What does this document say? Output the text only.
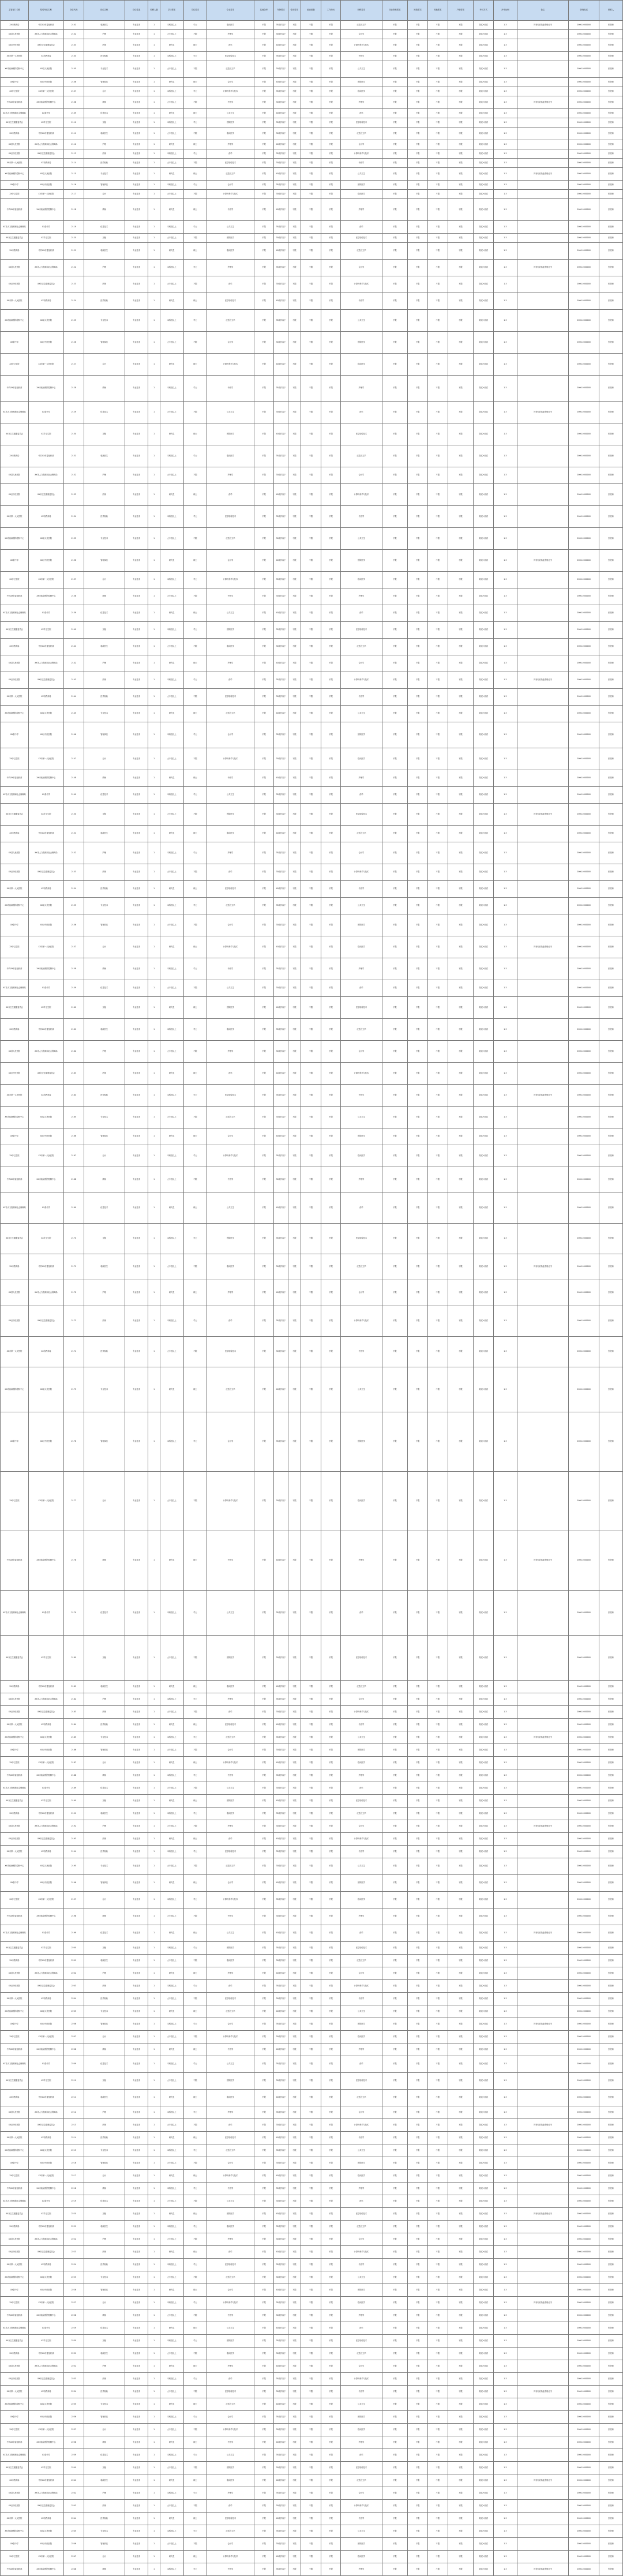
主管部门名称	招聘单位名称	岗位代码	岗位名称	岗位性质	招聘人数	学历要求	学位要求	专业要求	其他条件	年龄要求	性别要求	政治面貌	工作经历	职称要求	执业资格要求	民族要求	其他要求	户籍要求	考试方式	开考比例	备注	咨询电话	联系人
XX市教育局	中共XX市委组织部	2101	临床医生	专业技术	1	本科及以上	学士	临床医学	不限	35周岁以下	不限	不限	不限	汉语言文学	不限	不限	不限	不限	笔试+面试	1:3	具有相应执业资格证书	0000-0000000	张老师
XX县人民医院	XX市人力资源和社会保障局	2102	护理	专业技术	1	大专及以上	不限	护理学	不限	30周岁以下	不限	不限	不限	会计学	不限	不限	不限	不限	笔试+面试	1:3		0000-0000000	张老师
XX区中医医院	XX市卫生健康委员会	2103	药剂	专业技术	1	研究生	硕士	药学	不限	40周岁以下	不限	不限	不限	计算机科学与技术	不限	不限	不限	不限	笔试+面试	1:3		0000-0000000	张老师
XX市第一人民医院	XX市教育局	2104	医学检验	专业技术	1	本科及以上	学士	医学检验技术	不限	35周岁以下	不限	不限	不限	中医学	不限	不限	不限	不限	笔试+面试	1:3		0000-0000000	张老师
XX市疾病预防控制中心	XX县人民医院	2105	专业技术	专业技术	1	大专及以上	不限	汉语言文学	不限	30周岁以下	不限	不限	不限	公共卫生	不限	不限	不限	不限	笔试+面试	1:3		0000-0000000	张老师
XX县中学	XX区中医医院	2106	管理岗位	专业技术	1	研究生	硕士	会计学	不限	40周岁以下	不限	不限	不限	预防医学	不限	不限	不限	不限	笔试+面试	1:3		0000-0000000	张老师
XX乡卫生院	XX市第一人民医院	2107	会计	专业技术	1	本科及以上	学士	计算机科学与技术	不限	35周岁以下	不限	不限	不限	临床医学	不限	不限	不限	不限	笔试+面试	1:3		0000-0000000	张老师
中共XX市委组织部	XX市疾病预防控制中心	2108	教师	专业技术	1	大专及以上	不限	中医学	不限	30周岁以下	不限	不限	不限	护理学	不限	不限	不限	不限	笔试+面试	1:3	具有相应执业资格证书	0000-0000000	张老师
XX市人力资源和社会保障局	XX县中学	2109	信息技术	专业技术	1	研究生	硕士	公共卫生	不限	40周岁以下	不限	不限	不限	药学	不限	不限	不限	不限	笔试+面试	1:3		0000-0000000	张老师
XX市卫生健康委员会	XX乡卫生院	2110	文秘	专业技术	1	本科及以上	学士	预防医学	不限	35周岁以下	不限	不限	不限	医学检验技术	不限	不限	不限	不限	笔试+面试	1:3		0000-0000000	张老师
XX市教育局	中共XX市委组织部	2111	临床医生	专业技术	1	大专及以上	不限	临床医学	不限	30周岁以下	不限	不限	不限	汉语言文学	不限	不限	不限	不限	笔试+面试	1:3		0000-0000000	张老师
XX县人民医院	XX市人力资源和社会保障局	2112	护理	专业技术	1	研究生	硕士	护理学	不限	40周岁以下	不限	不限	不限	会计学	不限	不限	不限	不限	笔试+面试	1:3		0000-0000000	张老师
XX区中医医院	XX市卫生健康委员会	2113	药剂	专业技术	1	本科及以上	学士	药学	不限	35周岁以下	不限	不限	不限	计算机科学与技术	不限	不限	不限	不限	笔试+面试	1:3		0000-0000000	张老师
XX市第一人民医院	XX市教育局	2114	医学检验	专业技术	1	大专及以上	不限	医学检验技术	不限	30周岁以下	不限	不限	不限	中医学	不限	不限	不限	不限	笔试+面试	1:3		0000-0000000	张老师
XX市疾病预防控制中心	XX县人民医院	2115	专业技术	专业技术	1	研究生	硕士	汉语言文学	不限	40周岁以下	不限	不限	不限	公共卫生	不限	不限	不限	不限	笔试+面试	1:3	具有相应执业资格证书	0000-0000000	张老师
XX县中学	XX区中医医院	2116	管理岗位	专业技术	1	本科及以上	学士	会计学	不限	35周岁以下	不限	不限	不限	预防医学	不限	不限	不限	不限	笔试+面试	1:3		0000-0000000	张老师
XX乡卫生院	XX市第一人民医院	2117	会计	专业技术	1	大专及以上	不限	计算机科学与技术	不限	30周岁以下	不限	不限	不限	临床医学	不限	不限	不限	不限	笔试+面试	1:3		0000-0000000	张老师
中共XX市委组织部	XX市疾病预防控制中心	2118	教师	专业技术	1	研究生	硕士	中医学	不限	40周岁以下	不限	不限	不限	护理学	不限	不限	不限	不限	笔试+面试	1:3		0000-0000000	张老师
XX市人力资源和社会保障局	XX县中学	2119	信息技术	专业技术	1	本科及以上	学士	公共卫生	不限	35周岁以下	不限	不限	不限	药学	不限	不限	不限	不限	笔试+面试	1:3		0000-0000000	张老师
XX市卫生健康委员会	XX乡卫生院	2120	文秘	专业技术	1	大专及以上	不限	预防医学	不限	30周岁以下	不限	不限	不限	医学检验技术	不限	不限	不限	不限	笔试+面试	1:3		0000-0000000	张老师
XX市教育局	中共XX市委组织部	2121	临床医生	专业技术	1	研究生	硕士	临床医学	不限	40周岁以下	不限	不限	不限	汉语言文学	不限	不限	不限	不限	笔试+面试	1:3		0000-0000000	张老师
XX县人民医院	XX市人力资源和社会保障局	2122	护理	专业技术	1	本科及以上	学士	护理学	不限	35周岁以下	不限	不限	不限	会计学	不限	不限	不限	不限	笔试+面试	1:3	具有相应执业资格证书	0000-0000000	张老师
XX区中医医院	XX市卫生健康委员会	2123	药剂	专业技术	1	大专及以上	不限	药学	不限	30周岁以下	不限	不限	不限	计算机科学与技术	不限	不限	不限	不限	笔试+面试	1:3		0000-0000000	张老师
XX市第一人民医院	XX市教育局	2124	医学检验	专业技术	1	研究生	硕士	医学检验技术	不限	40周岁以下	不限	不限	不限	中医学	不限	不限	不限	不限	笔试+面试	1:3		0000-0000000	张老师
XX市疾病预防控制中心	XX县人民医院	2125	专业技术	专业技术	1	本科及以上	学士	汉语言文学	不限	35周岁以下	不限	不限	不限	公共卫生	不限	不限	不限	不限	笔试+面试	1:3		0000-0000000	张老师
XX县中学	XX区中医医院	2126	管理岗位	专业技术	1	大专及以上	不限	会计学	不限	30周岁以下	不限	不限	不限	预防医学	不限	不限	不限	不限	笔试+面试	1:3		0000-0000000	张老师
XX乡卫生院	XX市第一人民医院	2127	会计	专业技术	1	研究生	硕士	计算机科学与技术	不限	40周岁以下	不限	不限	不限	临床医学	不限	不限	不限	不限	笔试+面试	1:3		0000-0000000	张老师
中共XX市委组织部	XX市疾病预防控制中心	2128	教师	专业技术	1	本科及以上	学士	中医学	不限	35周岁以下	不限	不限	不限	护理学	不限	不限	不限	不限	笔试+面试	1:3		0000-0000000	张老师
XX市人力资源和社会保障局	XX县中学	2129	信息技术	专业技术	1	大专及以上	不限	公共卫生	不限	30周岁以下	不限	不限	不限	药学	不限	不限	不限	不限	笔试+面试	1:3	具有相应执业资格证书	0000-0000000	张老师
XX市卫生健康委员会	XX乡卫生院	2130	文秘	专业技术	1	研究生	硕士	预防医学	不限	40周岁以下	不限	不限	不限	医学检验技术	不限	不限	不限	不限	笔试+面试	1:3		0000-0000000	张老师
XX市教育局	中共XX市委组织部	2131	临床医生	专业技术	1	本科及以上	学士	临床医学	不限	35周岁以下	不限	不限	不限	汉语言文学	不限	不限	不限	不限	笔试+面试	1:3		0000-0000000	张老师
XX县人民医院	XX市人力资源和社会保障局	2132	护理	专业技术	1	大专及以上	不限	护理学	不限	30周岁以下	不限	不限	不限	会计学	不限	不限	不限	不限	笔试+面试	1:3		0000-0000000	张老师
XX区中医医院	XX市卫生健康委员会	2133	药剂	专业技术	1	研究生	硕士	药学	不限	40周岁以下	不限	不限	不限	计算机科学与技术	不限	不限	不限	不限	笔试+面试	1:3		0000-0000000	张老师
XX市第一人民医院	XX市教育局	2134	医学检验	专业技术	1	本科及以上	学士	医学检验技术	不限	35周岁以下	不限	不限	不限	中医学	不限	不限	不限	不限	笔试+面试	1:3		0000-0000000	张老师
XX市疾病预防控制中心	XX县人民医院	2135	专业技术	专业技术	1	大专及以上	不限	汉语言文学	不限	30周岁以下	不限	不限	不限	公共卫生	不限	不限	不限	不限	笔试+面试	1:3		0000-0000000	张老师
XX县中学	XX区中医医院	2136	管理岗位	专业技术	1	研究生	硕士	会计学	不限	40周岁以下	不限	不限	不限	预防医学	不限	不限	不限	不限	笔试+面试	1:3	具有相应执业资格证书	0000-0000000	张老师
XX乡卫生院	XX市第一人民医院	2137	会计	专业技术	1	本科及以上	学士	计算机科学与技术	不限	35周岁以下	不限	不限	不限	临床医学	不限	不限	不限	不限	笔试+面试	1:3		0000-0000000	张老师
中共XX市委组织部	XX市疾病预防控制中心	2138	教师	专业技术	1	大专及以上	不限	中医学	不限	30周岁以下	不限	不限	不限	护理学	不限	不限	不限	不限	笔试+面试	1:3		0000-0000000	张老师
XX市人力资源和社会保障局	XX县中学	2139	信息技术	专业技术	1	研究生	硕士	公共卫生	不限	40周岁以下	不限	不限	不限	药学	不限	不限	不限	不限	笔试+面试	1:3		0000-0000000	张老师
XX市卫生健康委员会	XX乡卫生院	2140	文秘	专业技术	1	本科及以上	学士	预防医学	不限	35周岁以下	不限	不限	不限	医学检验技术	不限	不限	不限	不限	笔试+面试	1:3		0000-0000000	张老师
XX市教育局	中共XX市委组织部	2141	临床医生	专业技术	1	大专及以上	不限	临床医学	不限	30周岁以下	不限	不限	不限	汉语言文学	不限	不限	不限	不限	笔试+面试	1:3		0000-0000000	张老师
XX县人民医院	XX市人力资源和社会保障局	2142	护理	专业技术	1	研究生	硕士	护理学	不限	40周岁以下	不限	不限	不限	会计学	不限	不限	不限	不限	笔试+面试	1:3		0000-0000000	张老师
XX区中医医院	XX市卫生健康委员会	2143	药剂	专业技术	1	本科及以上	学士	药学	不限	35周岁以下	不限	不限	不限	计算机科学与技术	不限	不限	不限	不限	笔试+面试	1:3	具有相应执业资格证书	0000-0000000	张老师
XX市第一人民医院	XX市教育局	2144	医学检验	专业技术	1	大专及以上	不限	医学检验技术	不限	30周岁以下	不限	不限	不限	中医学	不限	不限	不限	不限	笔试+面试	1:3		0000-0000000	张老师
XX市疾病预防控制中心	XX县人民医院	2145	专业技术	专业技术	1	研究生	硕士	汉语言文学	不限	40周岁以下	不限	不限	不限	公共卫生	不限	不限	不限	不限	笔试+面试	1:3		0000-0000000	张老师
XX县中学	XX区中医医院	2146	管理岗位	专业技术	1	本科及以上	学士	会计学	不限	35周岁以下	不限	不限	不限	预防医学	不限	不限	不限	不限	笔试+面试	1:3		0000-0000000	张老师
XX乡卫生院	XX市第一人民医院	2147	会计	专业技术	1	大专及以上	不限	计算机科学与技术	不限	30周岁以下	不限	不限	不限	临床医学	不限	不限	不限	不限	笔试+面试	1:3		0000-0000000	张老师
中共XX市委组织部	XX市疾病预防控制中心	2148	教师	专业技术	1	研究生	硕士	中医学	不限	40周岁以下	不限	不限	不限	护理学	不限	不限	不限	不限	笔试+面试	1:3		0000-0000000	张老师
XX市人力资源和社会保障局	XX县中学	2149	信息技术	专业技术	1	本科及以上	学士	公共卫生	不限	35周岁以下	不限	不限	不限	药学	不限	不限	不限	不限	笔试+面试	1:3		0000-0000000	张老师
XX市卫生健康委员会	XX乡卫生院	2150	文秘	专业技术	1	大专及以上	不限	预防医学	不限	30周岁以下	不限	不限	不限	医学检验技术	不限	不限	不限	不限	笔试+面试	1:3	具有相应执业资格证书	0000-0000000	张老师
XX市教育局	中共XX市委组织部	2151	临床医生	专业技术	1	研究生	硕士	临床医学	不限	40周岁以下	不限	不限	不限	汉语言文学	不限	不限	不限	不限	笔试+面试	1:3		0000-0000000	张老师
XX县人民医院	XX市人力资源和社会保障局	2152	护理	专业技术	1	本科及以上	学士	护理学	不限	35周岁以下	不限	不限	不限	会计学	不限	不限	不限	不限	笔试+面试	1:3		0000-0000000	张老师
XX区中医医院	XX市卫生健康委员会	2153	药剂	专业技术	1	大专及以上	不限	药学	不限	30周岁以下	不限	不限	不限	计算机科学与技术	不限	不限	不限	不限	笔试+面试	1:3		0000-0000000	张老师
XX市第一人民医院	XX市教育局	2154	医学检验	专业技术	1	研究生	硕士	医学检验技术	不限	40周岁以下	不限	不限	不限	中医学	不限	不限	不限	不限	笔试+面试	1:3		0000-0000000	张老师
XX市疾病预防控制中心	XX县人民医院	2155	专业技术	专业技术	1	本科及以上	学士	汉语言文学	不限	35周岁以下	不限	不限	不限	公共卫生	不限	不限	不限	不限	笔试+面试	1:3		0000-0000000	张老师
XX县中学	XX区中医医院	2156	管理岗位	专业技术	1	大专及以上	不限	会计学	不限	30周岁以下	不限	不限	不限	预防医学	不限	不限	不限	不限	笔试+面试	1:3		0000-0000000	张老师
XX乡卫生院	XX市第一人民医院	2157	会计	专业技术	1	研究生	硕士	计算机科学与技术	不限	40周岁以下	不限	不限	不限	临床医学	不限	不限	不限	不限	笔试+面试	1:3	具有相应执业资格证书	0000-0000000	张老师
中共XX市委组织部	XX市疾病预防控制中心	2158	教师	专业技术	1	本科及以上	学士	中医学	不限	35周岁以下	不限	不限	不限	护理学	不限	不限	不限	不限	笔试+面试	1:3		0000-0000000	张老师
XX市人力资源和社会保障局	XX县中学	2159	信息技术	专业技术	1	大专及以上	不限	公共卫生	不限	30周岁以下	不限	不限	不限	药学	不限	不限	不限	不限	笔试+面试	1:3		0000-0000000	张老师
XX市卫生健康委员会	XX乡卫生院	2160	文秘	专业技术	1	研究生	硕士	预防医学	不限	40周岁以下	不限	不限	不限	医学检验技术	不限	不限	不限	不限	笔试+面试	1:3		0000-0000000	张老师
XX市教育局	中共XX市委组织部	2161	临床医生	专业技术	1	本科及以上	学士	临床医学	不限	35周岁以下	不限	不限	不限	汉语言文学	不限	不限	不限	不限	笔试+面试	1:3		0000-0000000	张老师
XX县人民医院	XX市人力资源和社会保障局	2162	护理	专业技术	1	大专及以上	不限	护理学	不限	30周岁以下	不限	不限	不限	会计学	不限	不限	不限	不限	笔试+面试	1:3		0000-0000000	张老师
XX区中医医院	XX市卫生健康委员会	2163	药剂	专业技术	1	研究生	硕士	药学	不限	40周岁以下	不限	不限	不限	计算机科学与技术	不限	不限	不限	不限	笔试+面试	1:3		0000-0000000	张老师
XX市第一人民医院	XX市教育局	2164	医学检验	专业技术	1	本科及以上	学士	医学检验技术	不限	35周岁以下	不限	不限	不限	中医学	不限	不限	不限	不限	笔试+面试	1:3	具有相应执业资格证书	0000-0000000	张老师
XX市疾病预防控制中心	XX县人民医院	2165	专业技术	专业技术	1	大专及以上	不限	汉语言文学	不限	30周岁以下	不限	不限	不限	公共卫生	不限	不限	不限	不限	笔试+面试	1:3		0000-0000000	张老师
XX县中学	XX区中医医院	2166	管理岗位	专业技术	1	研究生	硕士	会计学	不限	40周岁以下	不限	不限	不限	预防医学	不限	不限	不限	不限	笔试+面试	1:3		0000-0000000	张老师
XX乡卫生院	XX市第一人民医院	2167	会计	专业技术	1	本科及以上	学士	计算机科学与技术	不限	35周岁以下	不限	不限	不限	临床医学	不限	不限	不限	不限	笔试+面试	1:3		0000-0000000	张老师
中共XX市委组织部	XX市疾病预防控制中心	2168	教师	专业技术	1	大专及以上	不限	中医学	不限	30周岁以下	不限	不限	不限	护理学	不限	不限	不限	不限	笔试+面试	1:3		0000-0000000	张老师
XX市人力资源和社会保障局	XX县中学	2169	信息技术	专业技术	1	研究生	硕士	公共卫生	不限	40周岁以下	不限	不限	不限	药学	不限	不限	不限	不限	笔试+面试	1:3		0000-0000000	张老师
XX市卫生健康委员会	XX乡卫生院	2170	文秘	专业技术	1	本科及以上	学士	预防医学	不限	35周岁以下	不限	不限	不限	医学检验技术	不限	不限	不限	不限	笔试+面试	1:3		0000-0000000	张老师
XX市教育局	中共XX市委组织部	2171	临床医生	专业技术	1	大专及以上	不限	临床医学	不限	30周岁以下	不限	不限	不限	汉语言文学	不限	不限	不限	不限	笔试+面试	1:3	具有相应执业资格证书	0000-0000000	张老师
XX县人民医院	XX市人力资源和社会保障局	2172	护理	专业技术	1	研究生	硕士	护理学	不限	40周岁以下	不限	不限	不限	会计学	不限	不限	不限	不限	笔试+面试	1:3		0000-0000000	张老师
XX区中医医院	XX市卫生健康委员会	2173	药剂	专业技术	1	本科及以上	学士	药学	不限	35周岁以下	不限	不限	不限	计算机科学与技术	不限	不限	不限	不限	笔试+面试	1:3		0000-0000000	张老师
XX市第一人民医院	XX市教育局	2174	医学检验	专业技术	1	大专及以上	不限	医学检验技术	不限	30周岁以下	不限	不限	不限	中医学	不限	不限	不限	不限	笔试+面试	1:3		0000-0000000	张老师
XX市疾病预防控制中心	XX县人民医院	2175	专业技术	专业技术	1	研究生	硕士	汉语言文学	不限	40周岁以下	不限	不限	不限	公共卫生	不限	不限	不限	不限	笔试+面试	1:3		0000-0000000	张老师
XX县中学	XX区中医医院	2176	管理岗位	专业技术	1	本科及以上	学士	会计学	不限	35周岁以下	不限	不限	不限	预防医学	不限	不限	不限	不限	笔试+面试	1:3		0000-0000000	张老师
XX乡卫生院	XX市第一人民医院	2177	会计	专业技术	1	大专及以上	不限	计算机科学与技术	不限	30周岁以下	不限	不限	不限	临床医学	不限	不限	不限	不限	笔试+面试	1:3		0000-0000000	张老师
中共XX市委组织部	XX市疾病预防控制中心	2178	教师	专业技术	1	研究生	硕士	中医学	不限	40周岁以下	不限	不限	不限	护理学	不限	不限	不限	不限	笔试+面试	1:3	具有相应执业资格证书	0000-0000000	张老师
XX市人力资源和社会保障局	XX县中学	2179	信息技术	专业技术	1	本科及以上	学士	公共卫生	不限	35周岁以下	不限	不限	不限	药学	不限	不限	不限	不限	笔试+面试	1:3		0000-0000000	张老师
XX市卫生健康委员会	XX乡卫生院	2180	文秘	专业技术	1	大专及以上	不限	预防医学	不限	30周岁以下	不限	不限	不限	医学检验技术	不限	不限	不限	不限	笔试+面试	1:3		0000-0000000	张老师
XX市教育局	中共XX市委组织部	2181	临床医生	专业技术	1	研究生	硕士	临床医学	不限	40周岁以下	不限	不限	不限	汉语言文学	不限	不限	不限	不限	笔试+面试	1:3		0000-0000000	张老师
XX县人民医院	XX市人力资源和社会保障局	2182	护理	专业技术	1	本科及以上	学士	护理学	不限	35周岁以下	不限	不限	不限	会计学	不限	不限	不限	不限	笔试+面试	1:3		0000-0000000	张老师
XX区中医医院	XX市卫生健康委员会	2183	药剂	专业技术	1	大专及以上	不限	药学	不限	30周岁以下	不限	不限	不限	计算机科学与技术	不限	不限	不限	不限	笔试+面试	1:3		0000-0000000	张老师
XX市第一人民医院	XX市教育局	2184	医学检验	专业技术	1	研究生	硕士	医学检验技术	不限	40周岁以下	不限	不限	不限	中医学	不限	不限	不限	不限	笔试+面试	1:3		0000-0000000	张老师
XX市疾病预防控制中心	XX县人民医院	2185	专业技术	专业技术	1	本科及以上	学士	汉语言文学	不限	35周岁以下	不限	不限	不限	公共卫生	不限	不限	不限	不限	笔试+面试	1:3	具有相应执业资格证书	0000-0000000	张老师
XX县中学	XX区中医医院	2186	管理岗位	专业技术	1	大专及以上	不限	会计学	不限	30周岁以下	不限	不限	不限	预防医学	不限	不限	不限	不限	笔试+面试	1:3		0000-0000000	张老师
XX乡卫生院	XX市第一人民医院	2187	会计	专业技术	1	研究生	硕士	计算机科学与技术	不限	40周岁以下	不限	不限	不限	临床医学	不限	不限	不限	不限	笔试+面试	1:3		0000-0000000	张老师
中共XX市委组织部	XX市疾病预防控制中心	2188	教师	专业技术	1	本科及以上	学士	中医学	不限	35周岁以下	不限	不限	不限	护理学	不限	不限	不限	不限	笔试+面试	1:3		0000-0000000	张老师
XX市人力资源和社会保障局	XX县中学	2189	信息技术	专业技术	1	大专及以上	不限	公共卫生	不限	30周岁以下	不限	不限	不限	药学	不限	不限	不限	不限	笔试+面试	1:3		0000-0000000	张老师
XX市卫生健康委员会	XX乡卫生院	2190	文秘	专业技术	1	研究生	硕士	预防医学	不限	40周岁以下	不限	不限	不限	医学检验技术	不限	不限	不限	不限	笔试+面试	1:3		0000-0000000	张老师
XX市教育局	中共XX市委组织部	2191	临床医生	专业技术	1	本科及以上	学士	临床医学	不限	35周岁以下	不限	不限	不限	汉语言文学	不限	不限	不限	不限	笔试+面试	1:3		0000-0000000	张老师
XX县人民医院	XX市人力资源和社会保障局	2192	护理	专业技术	1	大专及以上	不限	护理学	不限	30周岁以下	不限	不限	不限	会计学	不限	不限	不限	不限	笔试+面试	1:3	具有相应执业资格证书	0000-0000000	张老师
XX区中医医院	XX市卫生健康委员会	2193	药剂	专业技术	1	研究生	硕士	药学	不限	40周岁以下	不限	不限	不限	计算机科学与技术	不限	不限	不限	不限	笔试+面试	1:3		0000-0000000	张老师
XX市第一人民医院	XX市教育局	2194	医学检验	专业技术	1	本科及以上	学士	医学检验技术	不限	35周岁以下	不限	不限	不限	中医学	不限	不限	不限	不限	笔试+面试	1:3		0000-0000000	张老师
XX市疾病预防控制中心	XX县人民医院	2195	专业技术	专业技术	1	大专及以上	不限	汉语言文学	不限	30周岁以下	不限	不限	不限	公共卫生	不限	不限	不限	不限	笔试+面试	1:3		0000-0000000	张老师
XX县中学	XX区中医医院	2196	管理岗位	专业技术	1	研究生	硕士	会计学	不限	40周岁以下	不限	不限	不限	预防医学	不限	不限	不限	不限	笔试+面试	1:3		0000-0000000	张老师
XX乡卫生院	XX市第一人民医院	2197	会计	专业技术	1	本科及以上	学士	计算机科学与技术	不限	35周岁以下	不限	不限	不限	临床医学	不限	不限	不限	不限	笔试+面试	1:3		0000-0000000	张老师
中共XX市委组织部	XX市疾病预防控制中心	2198	教师	专业技术	1	大专及以上	不限	中医学	不限	30周岁以下	不限	不限	不限	护理学	不限	不限	不限	不限	笔试+面试	1:3		0000-0000000	张老师
XX市人力资源和社会保障局	XX县中学	2199	信息技术	专业技术	1	研究生	硕士	公共卫生	不限	40周岁以下	不限	不限	不限	药学	不限	不限	不限	不限	笔试+面试	1:3	具有相应执业资格证书	0000-0000000	张老师
XX市卫生健康委员会	XX乡卫生院	2200	文秘	专业技术	1	本科及以上	学士	预防医学	不限	35周岁以下	不限	不限	不限	医学检验技术	不限	不限	不限	不限	笔试+面试	1:3		0000-0000000	张老师
XX市教育局	中共XX市委组织部	2201	临床医生	专业技术	1	大专及以上	不限	临床医学	不限	30周岁以下	不限	不限	不限	汉语言文学	不限	不限	不限	不限	笔试+面试	1:3		0000-0000000	张老师
XX县人民医院	XX市人力资源和社会保障局	2202	护理	专业技术	1	研究生	硕士	护理学	不限	40周岁以下	不限	不限	不限	会计学	不限	不限	不限	不限	笔试+面试	1:3		0000-0000000	张老师
XX区中医医院	XX市卫生健康委员会	2203	药剂	专业技术	1	本科及以上	学士	药学	不限	35周岁以下	不限	不限	不限	计算机科学与技术	不限	不限	不限	不限	笔试+面试	1:3		0000-0000000	张老师
XX市第一人民医院	XX市教育局	2204	医学检验	专业技术	1	大专及以上	不限	医学检验技术	不限	30周岁以下	不限	不限	不限	中医学	不限	不限	不限	不限	笔试+面试	1:3		0000-0000000	张老师
XX市疾病预防控制中心	XX县人民医院	2205	专业技术	专业技术	1	研究生	硕士	汉语言文学	不限	40周岁以下	不限	不限	不限	公共卫生	不限	不限	不限	不限	笔试+面试	1:3		0000-0000000	张老师
XX县中学	XX区中医医院	2206	管理岗位	专业技术	1	本科及以上	学士	会计学	不限	35周岁以下	不限	不限	不限	预防医学	不限	不限	不限	不限	笔试+面试	1:3	具有相应执业资格证书	0000-0000000	张老师
XX乡卫生院	XX市第一人民医院	2207	会计	专业技术	1	大专及以上	不限	计算机科学与技术	不限	30周岁以下	不限	不限	不限	临床医学	不限	不限	不限	不限	笔试+面试	1:3		0000-0000000	张老师
中共XX市委组织部	XX市疾病预防控制中心	2208	教师	专业技术	1	研究生	硕士	中医学	不限	40周岁以下	不限	不限	不限	护理学	不限	不限	不限	不限	笔试+面试	1:3		0000-0000000	张老师
XX市人力资源和社会保障局	XX县中学	2209	信息技术	专业技术	1	本科及以上	学士	公共卫生	不限	35周岁以下	不限	不限	不限	药学	不限	不限	不限	不限	笔试+面试	1:3		0000-0000000	张老师
XX市卫生健康委员会	XX乡卫生院	2210	文秘	专业技术	1	大专及以上	不限	预防医学	不限	30周岁以下	不限	不限	不限	医学检验技术	不限	不限	不限	不限	笔试+面试	1:3		0000-0000000	张老师
XX市教育局	中共XX市委组织部	2211	临床医生	专业技术	1	研究生	硕士	临床医学	不限	40周岁以下	不限	不限	不限	汉语言文学	不限	不限	不限	不限	笔试+面试	1:3		0000-0000000	张老师
XX县人民医院	XX市人力资源和社会保障局	2212	护理	专业技术	1	本科及以上	学士	护理学	不限	35周岁以下	不限	不限	不限	会计学	不限	不限	不限	不限	笔试+面试	1:3		0000-0000000	张老师
XX区中医医院	XX市卫生健康委员会	2213	药剂	专业技术	1	大专及以上	不限	药学	不限	30周岁以下	不限	不限	不限	计算机科学与技术	不限	不限	不限	不限	笔试+面试	1:3	具有相应执业资格证书	0000-0000000	张老师
XX市第一人民医院	XX市教育局	2214	医学检验	专业技术	1	研究生	硕士	医学检验技术	不限	40周岁以下	不限	不限	不限	中医学	不限	不限	不限	不限	笔试+面试	1:3		0000-0000000	张老师
XX市疾病预防控制中心	XX县人民医院	2215	专业技术	专业技术	1	本科及以上	学士	汉语言文学	不限	35周岁以下	不限	不限	不限	公共卫生	不限	不限	不限	不限	笔试+面试	1:3		0000-0000000	张老师
XX县中学	XX区中医医院	2216	管理岗位	专业技术	1	大专及以上	不限	会计学	不限	30周岁以下	不限	不限	不限	预防医学	不限	不限	不限	不限	笔试+面试	1:3		0000-0000000	张老师
XX乡卫生院	XX市第一人民医院	2217	会计	专业技术	1	研究生	硕士	计算机科学与技术	不限	40周岁以下	不限	不限	不限	临床医学	不限	不限	不限	不限	笔试+面试	1:3		0000-0000000	张老师
中共XX市委组织部	XX市疾病预防控制中心	2218	教师	专业技术	1	本科及以上	学士	中医学	不限	35周岁以下	不限	不限	不限	护理学	不限	不限	不限	不限	笔试+面试	1:3		0000-0000000	张老师
XX市人力资源和社会保障局	XX县中学	2219	信息技术	专业技术	1	大专及以上	不限	公共卫生	不限	30周岁以下	不限	不限	不限	药学	不限	不限	不限	不限	笔试+面试	1:3		0000-0000000	张老师
XX市卫生健康委员会	XX乡卫生院	2220	文秘	专业技术	1	研究生	硕士	预防医学	不限	40周岁以下	不限	不限	不限	医学检验技术	不限	不限	不限	不限	笔试+面试	1:3	具有相应执业资格证书	0000-0000000	张老师
XX市教育局	中共XX市委组织部	2221	临床医生	专业技术	1	本科及以上	学士	临床医学	不限	35周岁以下	不限	不限	不限	汉语言文学	不限	不限	不限	不限	笔试+面试	1:3		0000-0000000	张老师
XX县人民医院	XX市人力资源和社会保障局	2222	护理	专业技术	1	大专及以上	不限	护理学	不限	30周岁以下	不限	不限	不限	会计学	不限	不限	不限	不限	笔试+面试	1:3		0000-0000000	张老师
XX区中医医院	XX市卫生健康委员会	2223	药剂	专业技术	1	研究生	硕士	药学	不限	40周岁以下	不限	不限	不限	计算机科学与技术	不限	不限	不限	不限	笔试+面试	1:3		0000-0000000	张老师
XX市第一人民医院	XX市教育局	2224	医学检验	专业技术	1	本科及以上	学士	医学检验技术	不限	35周岁以下	不限	不限	不限	中医学	不限	不限	不限	不限	笔试+面试	1:3		0000-0000000	张老师
XX市疾病预防控制中心	XX县人民医院	2225	专业技术	专业技术	1	大专及以上	不限	汉语言文学	不限	30周岁以下	不限	不限	不限	公共卫生	不限	不限	不限	不限	笔试+面试	1:3		0000-0000000	张老师
XX县中学	XX区中医医院	2226	管理岗位	专业技术	1	研究生	硕士	会计学	不限	40周岁以下	不限	不限	不限	预防医学	不限	不限	不限	不限	笔试+面试	1:3		0000-0000000	张老师
XX乡卫生院	XX市第一人民医院	2227	会计	专业技术	1	本科及以上	学士	计算机科学与技术	不限	35周岁以下	不限	不限	不限	临床医学	不限	不限	不限	不限	笔试+面试	1:3	具有相应执业资格证书	0000-0000000	张老师
中共XX市委组织部	XX市疾病预防控制中心	2228	教师	专业技术	1	大专及以上	不限	中医学	不限	30周岁以下	不限	不限	不限	护理学	不限	不限	不限	不限	笔试+面试	1:3		0000-0000000	张老师
XX市人力资源和社会保障局	XX县中学	2229	信息技术	专业技术	1	研究生	硕士	公共卫生	不限	40周岁以下	不限	不限	不限	药学	不限	不限	不限	不限	笔试+面试	1:3		0000-0000000	张老师
XX市卫生健康委员会	XX乡卫生院	2230	文秘	专业技术	1	本科及以上	学士	预防医学	不限	35周岁以下	不限	不限	不限	医学检验技术	不限	不限	不限	不限	笔试+面试	1:3		0000-0000000	张老师
XX市教育局	中共XX市委组织部	2231	临床医生	专业技术	1	大专及以上	不限	临床医学	不限	30周岁以下	不限	不限	不限	汉语言文学	不限	不限	不限	不限	笔试+面试	1:3		0000-0000000	张老师
XX县人民医院	XX市人力资源和社会保障局	2232	护理	专业技术	1	研究生	硕士	护理学	不限	40周岁以下	不限	不限	不限	会计学	不限	不限	不限	不限	笔试+面试	1:3		0000-0000000	张老师
XX区中医医院	XX市卫生健康委员会	2233	药剂	专业技术	1	本科及以上	学士	药学	不限	35周岁以下	不限	不限	不限	计算机科学与技术	不限	不限	不限	不限	笔试+面试	1:3		0000-0000000	张老师
XX市第一人民医院	XX市教育局	2234	医学检验	专业技术	1	大专及以上	不限	医学检验技术	不限	30周岁以下	不限	不限	不限	中医学	不限	不限	不限	不限	笔试+面试	1:3	具有相应执业资格证书	0000-0000000	张老师
XX市疾病预防控制中心	XX县人民医院	2235	专业技术	专业技术	1	研究生	硕士	汉语言文学	不限	40周岁以下	不限	不限	不限	公共卫生	不限	不限	不限	不限	笔试+面试	1:3		0000-0000000	张老师
XX县中学	XX区中医医院	2236	管理岗位	专业技术	1	本科及以上	学士	会计学	不限	35周岁以下	不限	不限	不限	预防医学	不限	不限	不限	不限	笔试+面试	1:3		0000-0000000	张老师
XX乡卫生院	XX市第一人民医院	2237	会计	专业技术	1	大专及以上	不限	计算机科学与技术	不限	30周岁以下	不限	不限	不限	临床医学	不限	不限	不限	不限	笔试+面试	1:3		0000-0000000	张老师
中共XX市委组织部	XX市疾病预防控制中心	2238	教师	专业技术	1	研究生	硕士	中医学	不限	40周岁以下	不限	不限	不限	护理学	不限	不限	不限	不限	笔试+面试	1:3		0000-0000000	张老师
XX市人力资源和社会保障局	XX县中学	2239	信息技术	专业技术	1	本科及以上	学士	公共卫生	不限	35周岁以下	不限	不限	不限	药学	不限	不限	不限	不限	笔试+面试	1:3		0000-0000000	张老师
XX市卫生健康委员会	XX乡卫生院	2240	文秘	专业技术	1	大专及以上	不限	预防医学	不限	30周岁以下	不限	不限	不限	医学检验技术	不限	不限	不限	不限	笔试+面试	1:3		0000-0000000	张老师
XX市教育局	中共XX市委组织部	2241	临床医生	专业技术	1	研究生	硕士	临床医学	不限	40周岁以下	不限	不限	不限	汉语言文学	不限	不限	不限	不限	笔试+面试	1:3	具有相应执业资格证书	0000-0000000	张老师
XX县人民医院	XX市人力资源和社会保障局	2242	护理	专业技术	1	本科及以上	学士	护理学	不限	35周岁以下	不限	不限	不限	会计学	不限	不限	不限	不限	笔试+面试	1:3		0000-0000000	张老师
XX区中医医院	XX市卫生健康委员会	2243	药剂	专业技术	1	大专及以上	不限	药学	不限	30周岁以下	不限	不限	不限	计算机科学与技术	不限	不限	不限	不限	笔试+面试	1:3		0000-0000000	张老师
XX市第一人民医院	XX市教育局	2244	医学检验	专业技术	1	研究生	硕士	医学检验技术	不限	40周岁以下	不限	不限	不限	中医学	不限	不限	不限	不限	笔试+面试	1:3		0000-0000000	张老师
XX市疾病预防控制中心	XX县人民医院	2245	专业技术	专业技术	1	本科及以上	学士	汉语言文学	不限	35周岁以下	不限	不限	不限	公共卫生	不限	不限	不限	不限	笔试+面试	1:3		0000-0000000	张老师
XX县中学	XX区中医医院	2246	管理岗位	专业技术	1	大专及以上	不限	会计学	不限	30周岁以下	不限	不限	不限	预防医学	不限	不限	不限	不限	笔试+面试	1:3		0000-0000000	张老师
XX乡卫生院	XX市第一人民医院	2247	会计	专业技术	1	研究生	硕士	计算机科学与技术	不限	40周岁以下	不限	不限	不限	临床医学	不限	不限	不限	不限	笔试+面试	1:3		0000-0000000	张老师
中共XX市委组织部	XX市疾病预防控制中心	2248	教师	专业技术	1	本科及以上	学士	中医学	不限	35周岁以下	不限	不限	不限	护理学	不限	不限	不限	不限	笔试+面试	1:3	具有相应执业资格证书	0000-0000000	张老师
